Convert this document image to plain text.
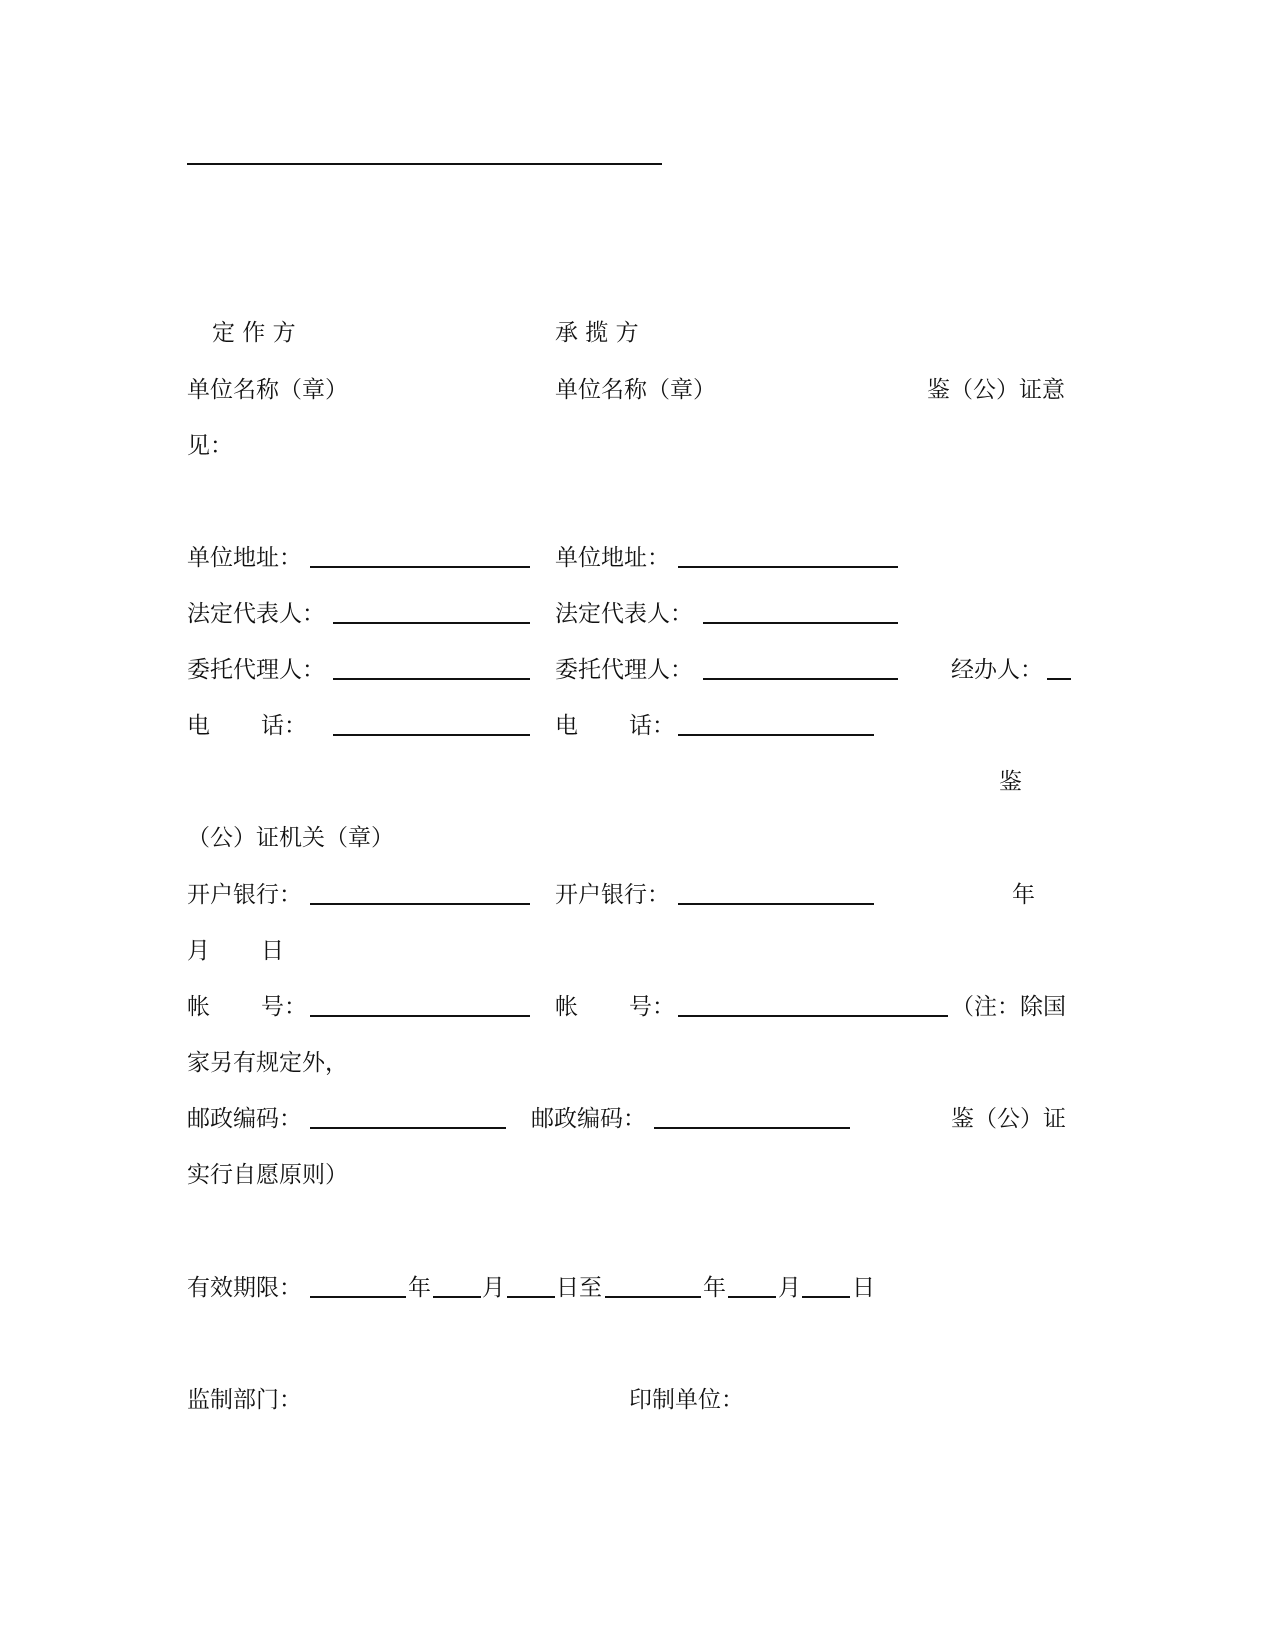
定 作 方	承 揽 方
单位名称（章）	单位名称（章）	鉴（公）证意
见：
单位地址：	单位地址：
法定代表人：	法定代表人：
委托代理人：	委托代理人：	经办人：
电 话：	电 话：
鉴
（公）证机关（章）
开户银行：	开户银行：	年
月 日
帐 号：	帐 号：	（注：除国
家另有规定外，
邮政编码：	邮政编码：	鉴（公）证
实行自愿原则）
有效期限：	年 月 日至	年 月 日
监制部门：	印制单位：
